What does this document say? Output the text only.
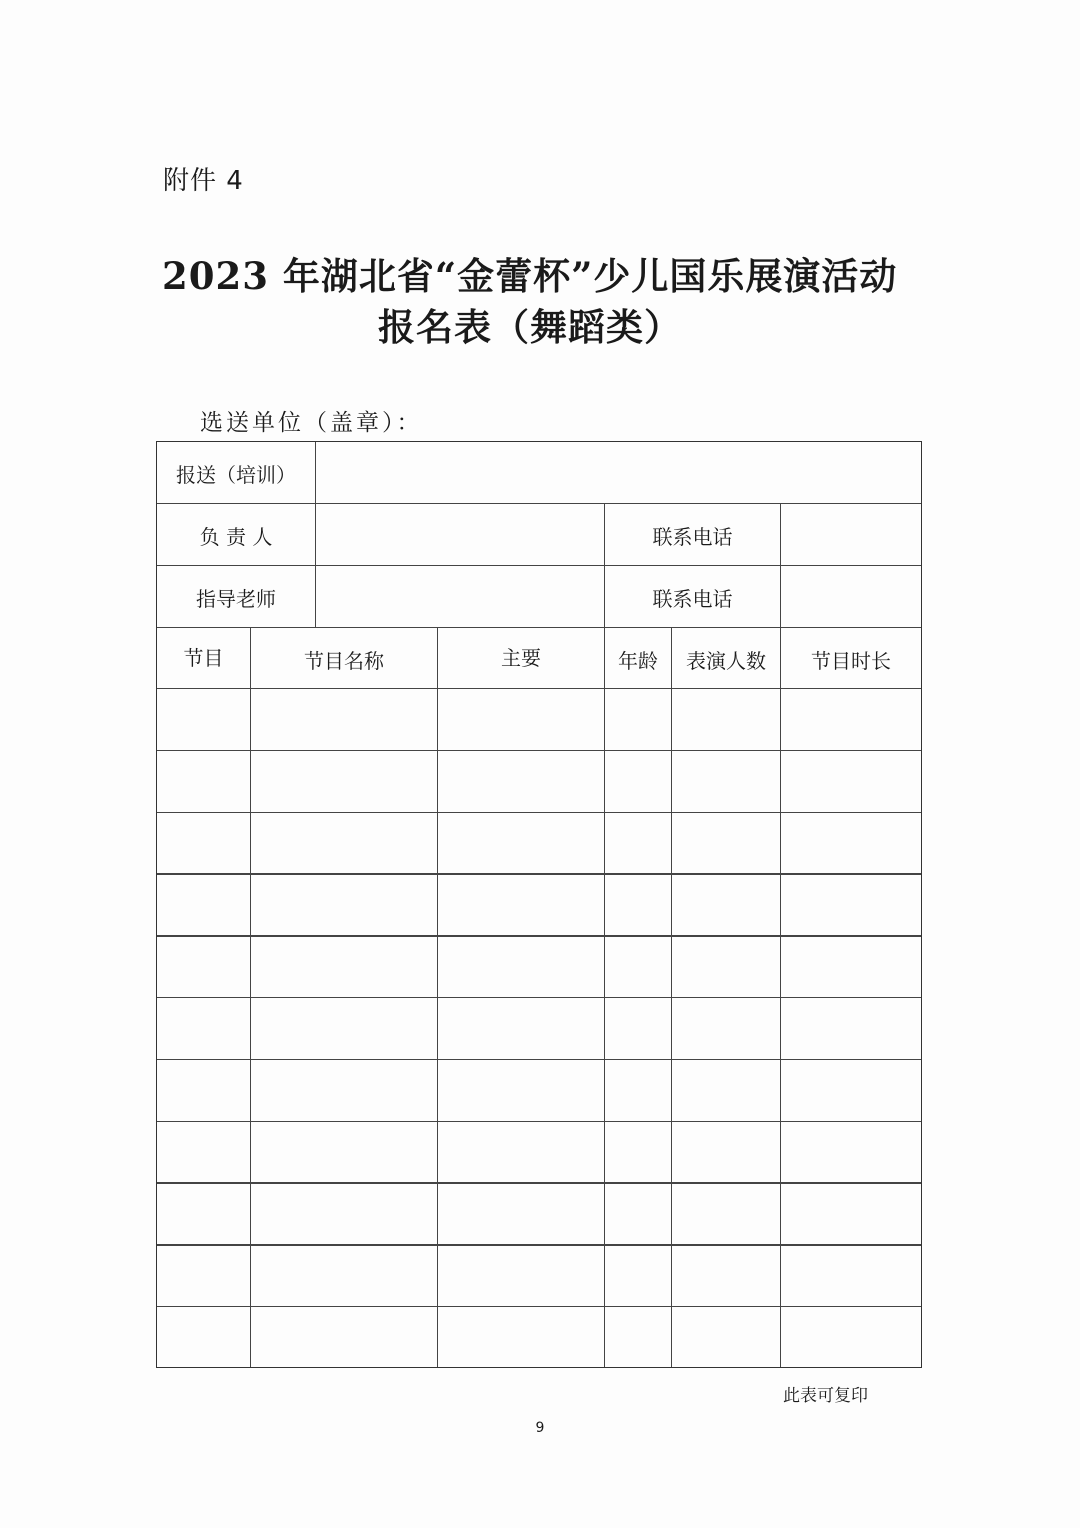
附件 4
2023 年湖北省“金蕾杯”少儿国乐展演活动
报名表（舞蹈类）
选送单位（盖章）：
报送（培训）
负 责 人	联系电话
指导老师	联系电话
节目	节目名称	主要	年龄	表演人数	节目时长
此表可复印
9
